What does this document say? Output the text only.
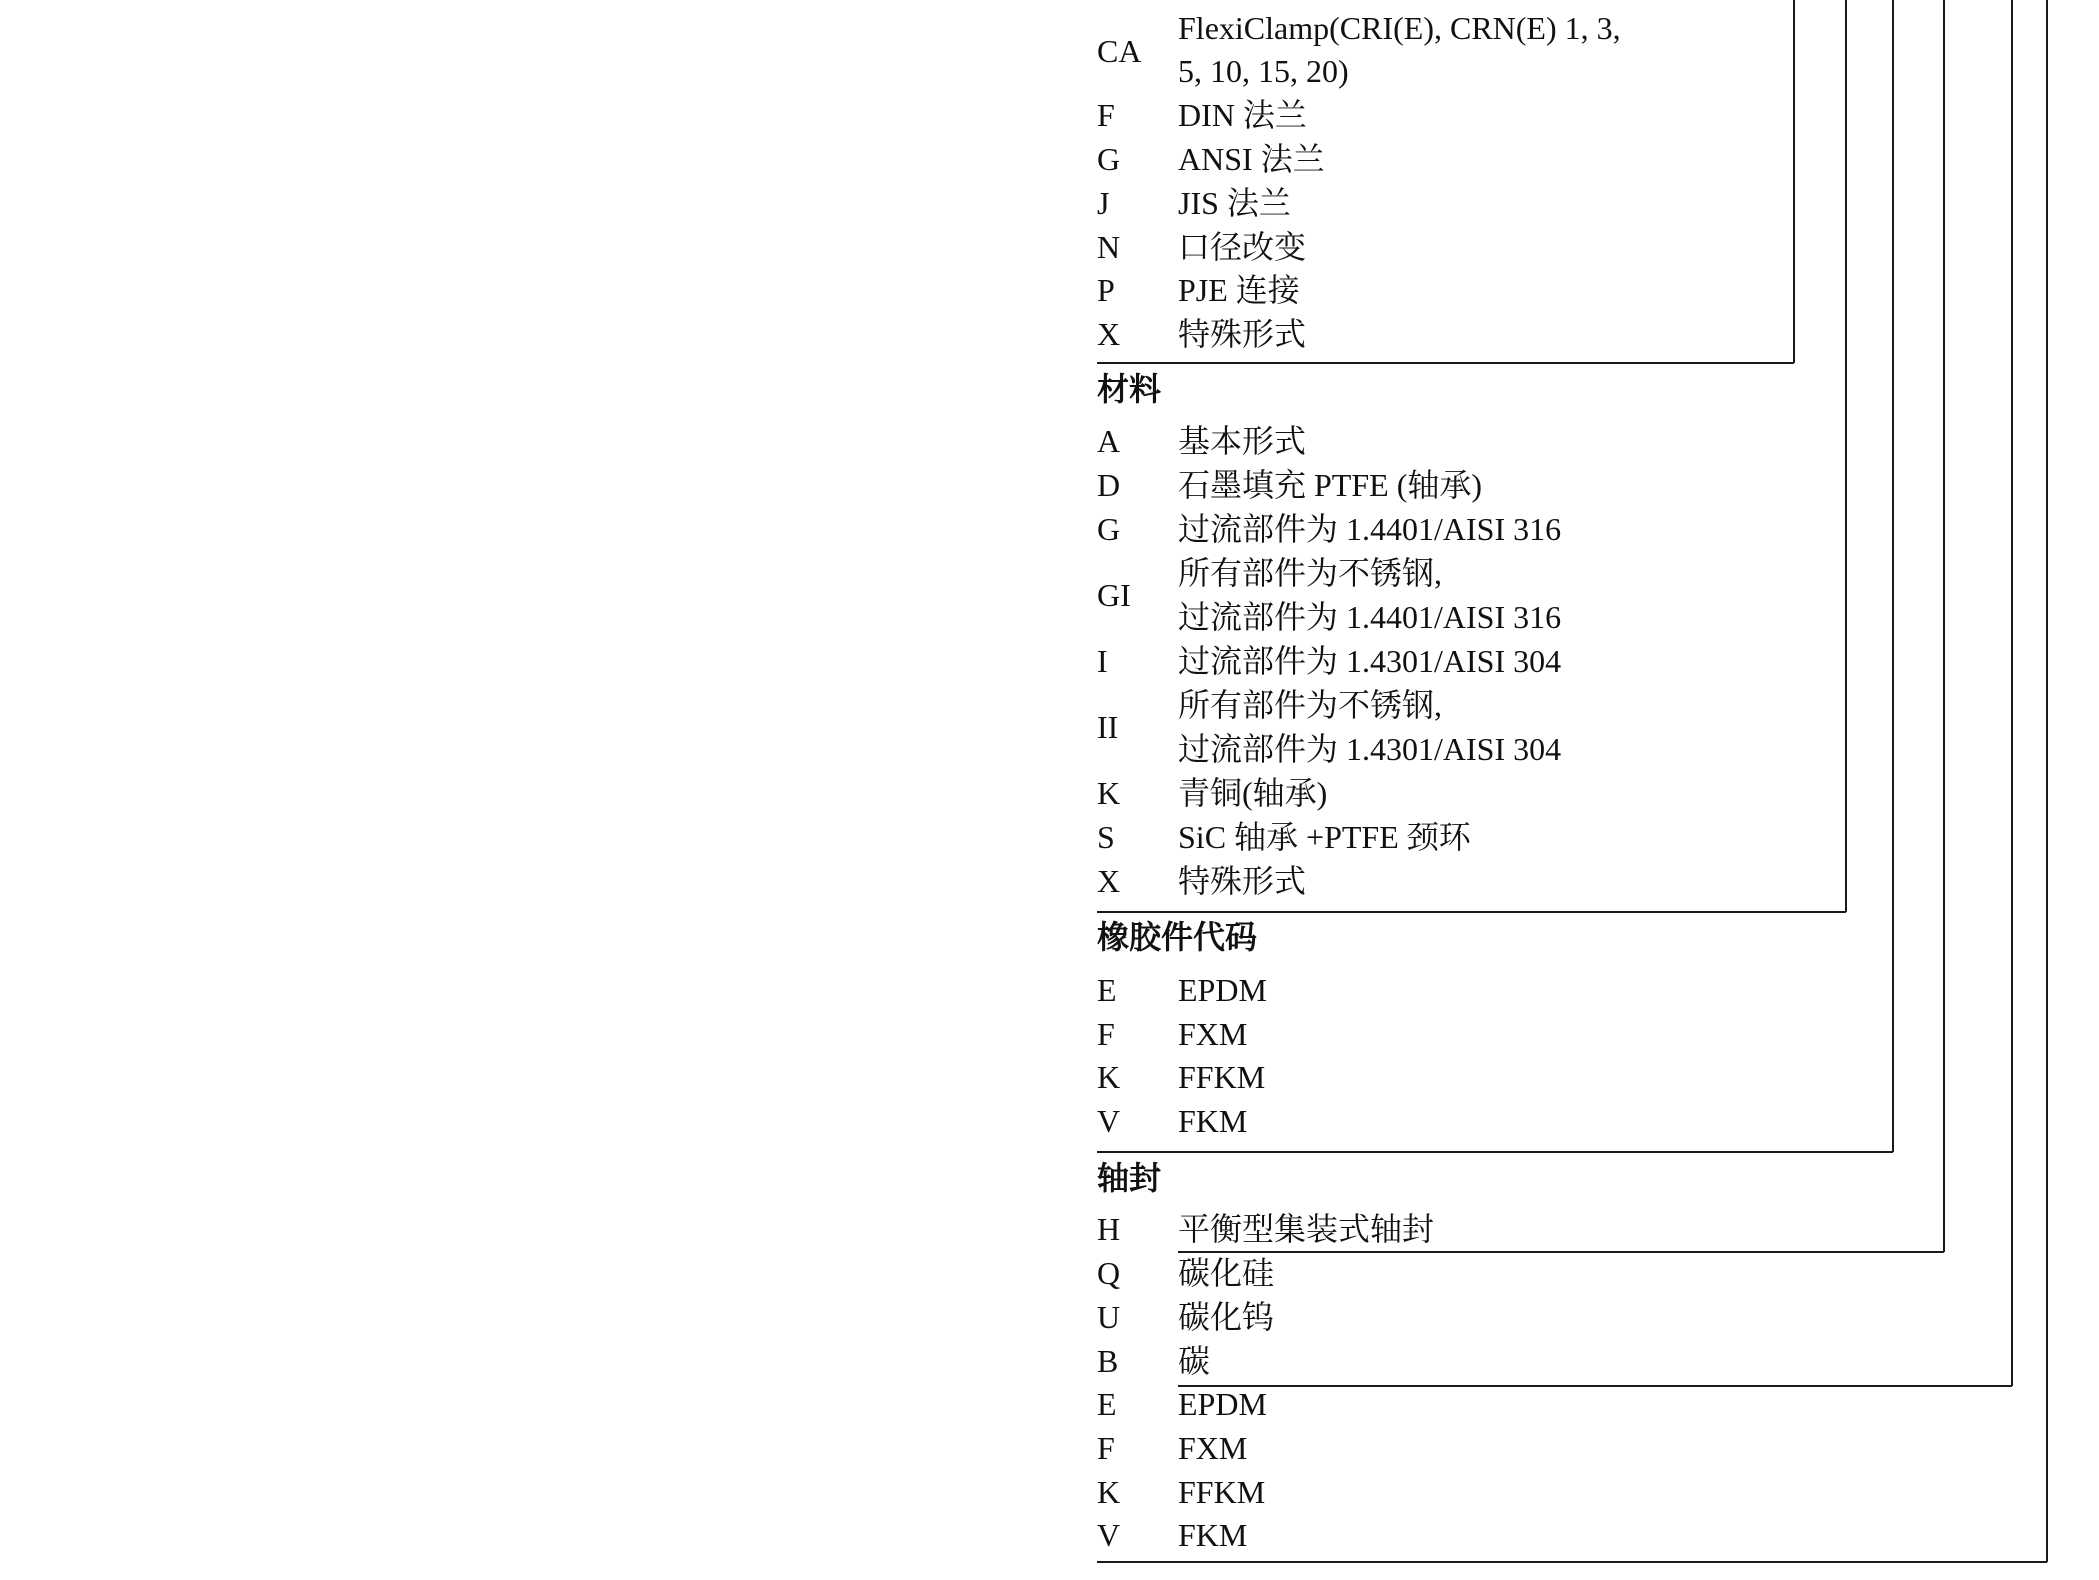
CA
FlexiClamp(CRI(E), CRN(E) 1, 3,
5, 10, 15, 20)
F DIN 法兰
G ANSI 法兰
J JIS 法兰
N 口径改变
P PJE 连接
X 特殊形式
材料
A 基本形式
D 石墨填充 PTFE (轴承)
G 过流部件为 1.4401/AISI 316
GI
所有部件为不锈钢,
过流部件为 1.4401/AISI 316
I 过流部件为 1.4301/AISI 304
II
所有部件为不锈钢,
过流部件为 1.4301/AISI 304
K 青铜(轴承)
S SiC 轴承 +PTFE 颈环
X 特殊形式
橡胶件代码
E EPDM
F FXM
K FFKM
V FKM
轴封
H 平衡型集装式轴封
Q 碳化硅
U 碳化钨
B 碳
E EPDM
F FXM
K FFKM
V FKM
